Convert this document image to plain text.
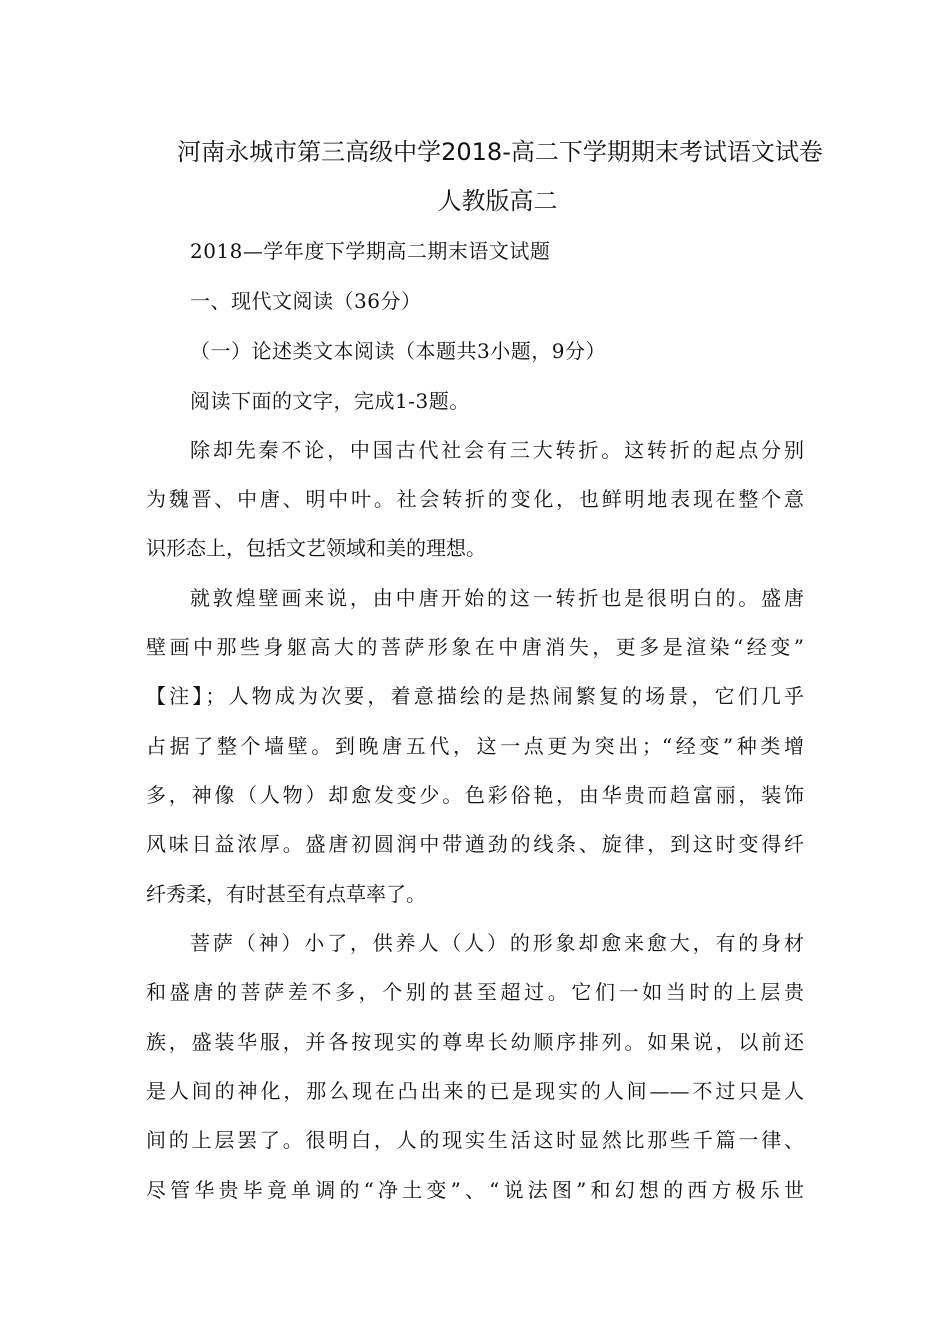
河南永城市第三高级中学2018-高二下学期期末考试语文试卷
人教版高二
2018—学年度下学期高二期末语文试题
一、现代文阅读（36分）
（一）论述类文本阅读（本题共3小题，9分）
阅读下面的文字，完成1-3题。
除却先秦不论，中国古代社会有三大转折。这转折的起点分别
为魏晋、中唐、明中叶。社会转折的变化，也鲜明地表现在整个意
识形态上，包括文艺领域和美的理想。
就敦煌壁画来说，由中唐开始的这一转折也是很明白的。盛唐
壁画中那些身躯高大的菩萨形象在中唐消失，更多是渲染“经变”
【注】；人物成为次要，着意描绘的是热闹繁复的场景，它们几乎
占据了整个墙壁。到晚唐五代，这一点更为突出；“经变”种类增
多，神像（人物）却愈发变少。色彩俗艳，由华贵而趋富丽，装饰
风味日益浓厚。盛唐初圆润中带遒劲的线条、旋律，到这时变得纤
纤秀柔，有时甚至有点草率了。
菩萨（神）小了，供养人（人）的形象却愈来愈大，有的身材
和盛唐的菩萨差不多，个别的甚至超过。它们一如当时的上层贵
族，盛装华服，并各按现实的尊卑长幼顺序排列。如果说，以前还
是人间的神化，那么现在凸出来的已是现实的人间——不过只是人
间的上层罢了。很明白，人的现实生活这时显然比那些千篇一律、
尽管华贵毕竟单调的“净土变”、“说法图”和幻想的西方极乐世
